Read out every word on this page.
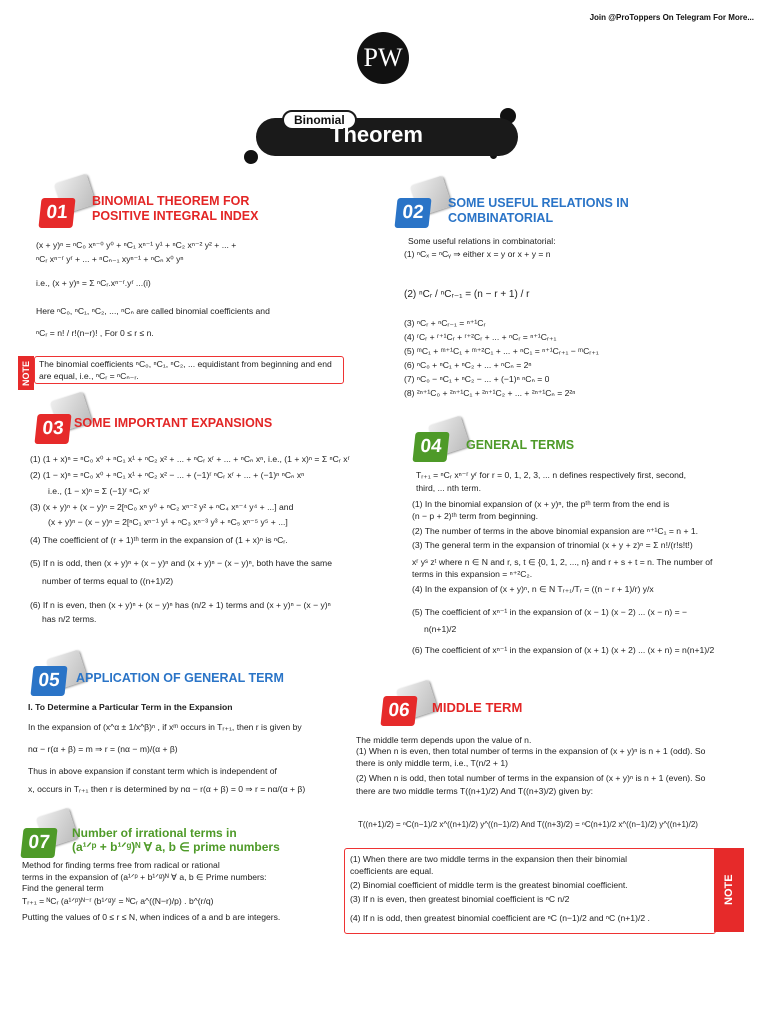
Join @ProToppers On Telegram For More...
PW
Binomial
Theorem
01
BINOMIAL THEOREM FOR
POSITIVE INTEGRAL INDEX
(x + y)ⁿ = ⁿC₀ xⁿ⁻⁰ y⁰ + ⁿC₁ xⁿ⁻¹ y¹ + ⁿC₂ xⁿ⁻² y² + ... +
ⁿCᵣ xⁿ⁻ʳ yʳ + ... + ⁿCₙ₋₁ xyⁿ⁻¹ + ⁿCₙ x⁰ yⁿ
i.e., (x + y)ⁿ = Σ ⁿCᵣ.xⁿ⁻ʳ.yʳ ...(i)
Here ⁿC₀, ⁿC₁, ⁿC₂, ..., ⁿCₙ are called binomial coefficients and
ⁿCᵣ = n! / r!(n−r)! , For 0 ≤ r ≤ n.
NOTE The binomial coefficients ⁿC₀, ⁿC₁, ⁿC₂, ... equidistant from beginning and end are equal, i.e., ⁿCᵣ = ⁿCₙ₋ᵣ.
02	SOME USEFUL RELATIONS IN
COMBINATORIAL
Some useful relations in combinatorial:
(1) ⁿCₓ = ⁿCᵧ ⇒ either x = y or x + y = n
(2) ⁿCᵣ / ⁿCᵣ₋₁ = (n − r + 1) / r
(3) ⁿCᵣ + ⁿCᵣ₋₁ = ⁿ⁺¹Cᵣ
(4) ʳCᵣ + ʳ⁺¹Cᵣ + ʳ⁺²Cᵣ + ... + ⁿCᵣ = ⁿ⁺¹Cᵣ₊₁
(5) ᵐC₁ + ᵐ⁺¹C₁ + ᵐ⁺²C₁ + ... + ⁿC₁ = ⁿ⁺¹Cᵣ₊₁ − ᵐCᵣ₊₁
(6) ⁿC₀ + ⁿC₁ + ⁿC₂ + ... + ⁿCₙ = 2ⁿ
(7) ⁿC₀ − ⁿC₁ + ⁿC₂ − ... + (−1)ⁿ ⁿCₙ = 0
(8) ²ⁿ⁺¹C₀ + ²ⁿ⁺¹C₁ + ²ⁿ⁺¹C₂ + ... + ²ⁿ⁺¹Cₙ = 2²ⁿ
03 SOME IMPORTANT EXPANSIONS
(1) (1 + x)ⁿ = ⁿC₀ x⁰ + ⁿC₁ x¹ + ⁿC₂ x² + ... + ⁿCᵣ xʳ + ... + ⁿCₙ xⁿ, i.e., (1 + x)ⁿ = Σ ⁿCᵣ xʳ
(2) (1 − x)ⁿ = ⁿC₀ x⁰ + ⁿC₁ x¹ + ⁿC₂ x² − ... + (−1)ʳ ⁿCᵣ xʳ + ... + (−1)ⁿ ⁿCₙ xⁿ
i.e., (1 − x)ⁿ = Σ (−1)ʳ ⁿCᵣ xʳ
(3) (x + y)ⁿ + (x − y)ⁿ = 2[ⁿC₀ xⁿ y⁰ + ⁿC₂ xⁿ⁻² y² + ⁿC₄ xⁿ⁻⁴ y⁴ + ...] and
(x + y)ⁿ − (x − y)ⁿ = 2[ⁿC₁ xⁿ⁻¹ y¹ + ⁿC₃ xⁿ⁻³ y³ + ⁿC₅ xⁿ⁻⁵ y⁵ + ...]
(4) The coefficient of (r + 1)ᵗʰ term in the expansion of (1 + x)ⁿ is ⁿCᵣ.
(5) If n is odd, then (x + y)ⁿ + (x − y)ⁿ and (x + y)ⁿ − (x − y)ⁿ, both have the same
number of terms equal to ((n+1)/2)
(6) If n is even, then (x + y)ⁿ + (x − y)ⁿ has (n/2 + 1) terms and (x + y)ⁿ − (x − y)ⁿ
has n/2 terms.
04	GENERAL TERMS
Tᵣ₊₁ = ⁿCᵣ xⁿ⁻ʳ yʳ for r = 0, 1, 2, 3, ... n defines respectively first, second,
third, ... nth term.
(1) In the binomial expansion of (x + y)ⁿ, the pᵗʰ term from the end is
(n − p + 2)ᵗʰ term from beginning.
(2) The number of terms in the above binomial expansion are ⁿ⁺¹C₁ = n + 1.
(3) The general term in the expansion of trinomial (x + y + z)ⁿ = Σ n!/(r!s!t!)
xʳ yˢ zᵗ where n ∈ N and r, s, t ∈ {0, 1, 2, ..., n} and r + s + t = n. The number of
terms in this expansion = ⁿ⁺²C₂.
(4) In the expansion of (x + y)ⁿ, n ∈ N Tᵣ₊₁/Tᵣ = ((n − r + 1)/r) y/x
(5) The coefficient of xⁿ⁻¹ in the expansion of (x − 1) (x − 2) ... (x − n) = −
n(n+1)/2
(6) The coefficient of xⁿ⁻¹ in the expansion of (x + 1) (x + 2) ... (x + n) = n(n+1)/2
05	APPLICATION OF GENERAL TERM
I. To Determine a Particular Term in the Expansion
In the expansion of (x^α ± 1/x^β)ⁿ , if xᵐ occurs in Tᵣ₊₁, then r is given by
nα − r(α + β) = m ⇒ r = (nα − m)/(α + β)
Thus in above expansion if constant term which is independent of
x, occurs in Tᵣ₊₁ then r is determined by nα − r(α + β) = 0 ⇒ r = nα/(α + β)
06	MIDDLE TERM
The middle term depends upon the value of n.
(1) When n is even, then total number of terms in the expansion of (x + y)ⁿ is n + 1 (odd). So
there is only middle term, i.e., T(n/2 + 1)
(2) When n is odd, then total number of terms in the expansion of (x + y)ⁿ is n + 1 (even). So
there are two middle terms T((n+1)/2) And T((n+3)/2) given by:
T((n+1)/2) = ⁿC(n−1)/2 x^((n+1)/2) y^((n−1)/2) And T((n+3)/2) = ⁿC(n+1)/2 x^((n−1)/2) y^((n+1)/2)
NOTE
(1) When there are two middle terms in the expansion then their binomial
coefficients are equal.
(2) Binomial coefficient of middle term is the greatest binomial coefficient.
(3) If n is even, then greatest binomial coefficient is ⁿC n/2
(4) If n is odd, then greatest binomial coefficient are ⁿC (n−1)/2 and ⁿC (n+1)/2 .
07	Number of irrational terms in
(a¹ᐟᵖ + b¹ᐟᵍ)ᴺ ∀ a, b ∈ prime numbers
Method for finding terms free from radical or rational
terms in the expansion of (a¹ᐟᵖ + b¹ᐟᵍ)ᴺ ∀ a, b ∈ Prime numbers:
Find the general term
Tᵣ₊₁ = ᴺCᵣ (a¹ᐟᵖ)ᴺ⁻ʳ (b¹ᐟᵍ)ʳ = ᴺCᵣ a^((N−r)/p) . b^(r/q)
Putting the values of 0 ≤ r ≤ N, when indices of a and b are integers.
